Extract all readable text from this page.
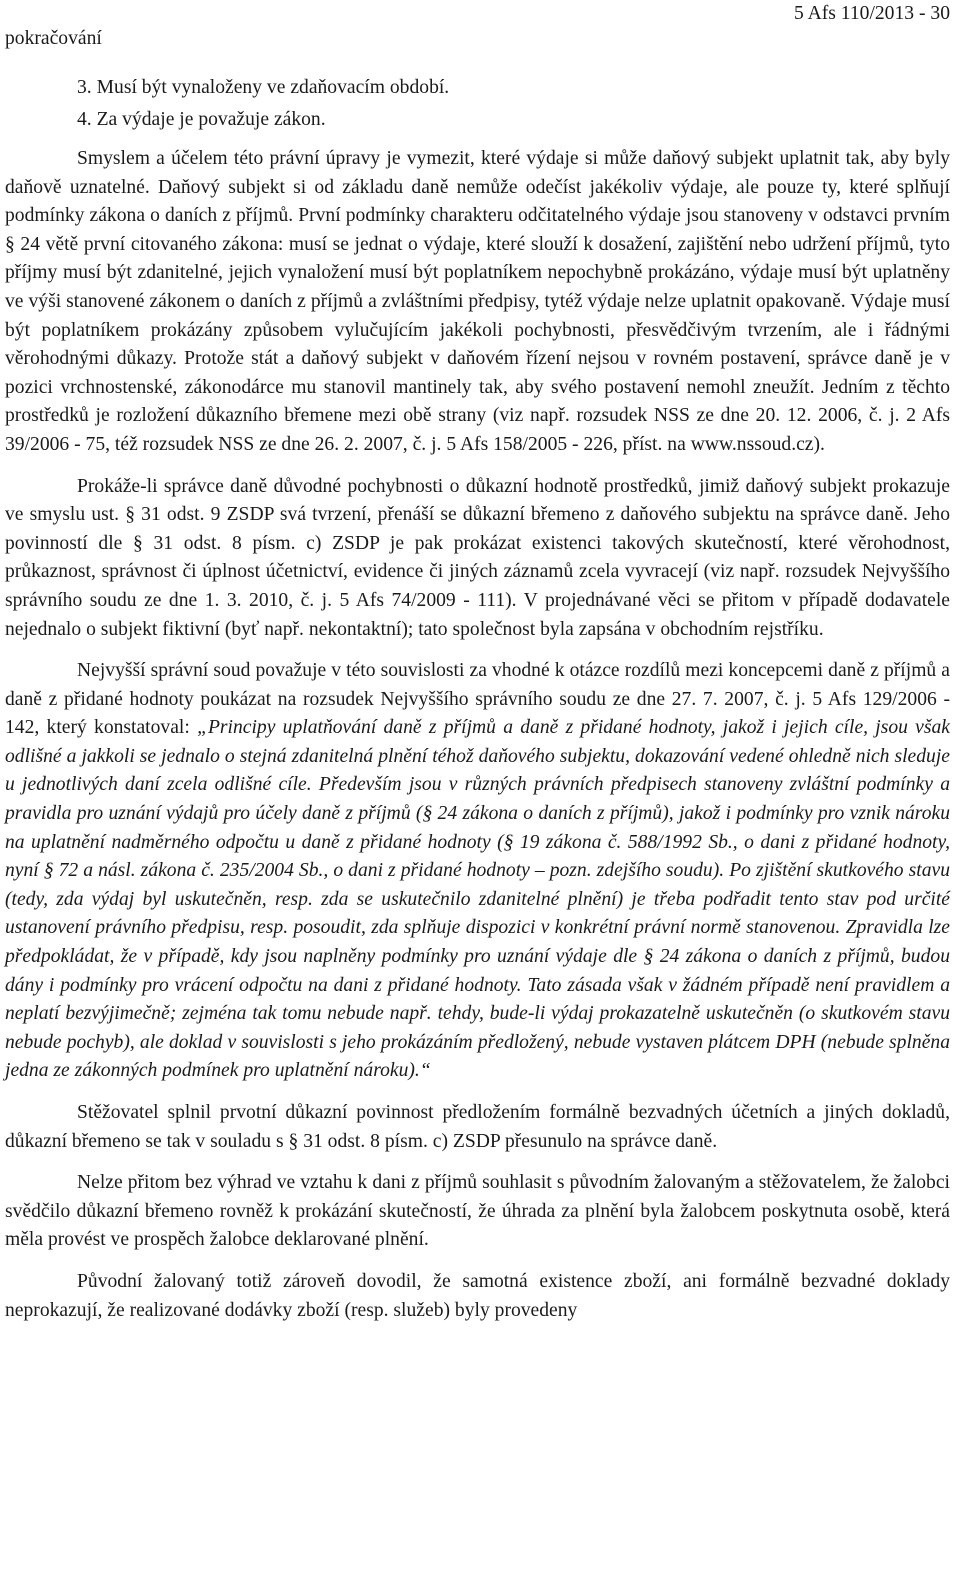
pokračování
5 Afs 110/2013 - 30
3. Musí být vynaloženy ve zdaňovacím období.
4. Za výdaje je považuje zákon.

Smyslem a účelem této právní úpravy je vymezit, které výdaje si může daňový subjekt uplatnit tak, aby byly daňově uznatelné. Daňový subjekt si od základu daně nemůže odečíst jakékoliv výdaje, ale pouze ty, které splňují podmínky zákona o daních z příjmů. První podmínky charakteru odčitatelného výdaje jsou stanoveny v odstavci prvním § 24 větě první citovaného zákona: musí se jednat o výdaje, které slouží k dosažení, zajištění nebo udržení příjmů, tyto příjmy musí být zdanitelné, jejich vynaložení musí být poplatníkem nepochybně prokázáno, výdaje musí být uplatněny ve výši stanovené zákonem o daních z příjmů a zvláštními předpisy, tytéž výdaje nelze uplatnit opakovaně. Výdaje musí být poplatníkem prokázány způsobem vylučujícím jakékoli pochybnosti, přesvědčivým tvrzením, ale i řádnými věrohodnými důkazy. Protože stát a daňový subjekt v daňovém řízení nejsou v rovném postavení, správce daně je v pozici vrchnostenské, zákonodárce mu stanovil mantinely tak, aby svého postavení nemohl zneužít. Jedním z těchto prostředků je rozložení důkazního břemene mezi obě strany (viz např. rozsudek NSS ze dne 20. 12. 2006, č. j. 2 Afs 39/2006 - 75, též rozsudek NSS ze dne 26. 2. 2007, č. j. 5 Afs 158/2005 - 226, příst. na www.nssoud.cz).

Prokáže-li správce daně důvodné pochybnosti o důkazní hodnotě prostředků, jimiž daňový subjekt prokazuje ve smyslu ust. § 31 odst. 9 ZSDP svá tvrzení, přenáší se důkazní břemeno z daňového subjektu na správce daně. Jeho povinností dle § 31 odst. 8 písm. c) ZSDP je pak prokázat existenci takových skutečností, které věrohodnost, průkaznost, správnost či úplnost účetnictví, evidence či jiných záznamů zcela vyvracejí (viz např. rozsudek Nejvyššího správního soudu ze dne 1. 3. 2010, č. j. 5 Afs 74/2009 - 111). V projednávané věci se přitom v případě dodavatele nejednalo o subjekt fiktivní (byť např. nekontaktní); tato společnost byla zapsána v obchodním rejstříku.

Nejvyšší správní soud považuje v této souvislosti za vhodné k otázce rozdílů mezi koncepcemi daně z příjmů a daně z přidané hodnoty poukázat na rozsudek Nejvyššího správního soudu ze dne 27. 7. 2007, č. j. 5 Afs 129/2006 - 142, který konstatoval: „Principy uplatňování daně z příjmů a daně z přidané hodnoty, jakož i jejich cíle, jsou však odlišné a jakkoli se jednalo o stejná zdanitelná plnění téhož daňového subjektu, dokazování vedené ohledně nich sleduje u jednotlivých daní zcela odlišné cíle. Především jsou v různých právních předpisech stanoveny zvláštní podmínky a pravidla pro uznání výdajů pro účely daně z příjmů (§ 24 zákona o daních z příjmů), jakož i podmínky pro vznik nároku na uplatnění nadměrného odpočtu u daně z přidané hodnoty (§ 19 zákona č. 588/1992 Sb., o dani z přidané hodnoty, nyní § 72 a násl. zákona č. 235/2004 Sb., o dani z přidané hodnoty – pozn. zdejšího soudu). Po zjištění skutkového stavu (tedy, zda výdaj byl uskutečněn, resp. zda se uskutečnilo zdanitelné plnění) je třeba podřadit tento stav pod určité ustanovení právního předpisu, resp. posoudit, zda splňuje dispozici v konkrétní právní normě stanovenou. Zpravidla lze předpokládat, že v případě, kdy jsou naplněny podmínky pro uznání výdaje dle § 24 zákona o daních z příjmů, budou dány i podmínky pro vrácení odpočtu na dani z přidané hodnoty. Tato zásada však v žádném případě není pravidlem a neplatí bezvýjimečně; zejména tak tomu nebude např. tehdy, bude-li výdaj prokazatelně uskutečněn (o skutkovém stavu nebude pochyb), ale doklad v souvislosti s jeho prokázáním předložený, nebude vystaven plátcem DPH (nebude splněna jedna ze zákonných podmínek pro uplatnění nároku).“

Stěžovatel splnil prvotní důkazní povinnost předložením formálně bezvadných účetních a jiných dokladů, důkazní břemeno se tak v souladu s § 31 odst. 8 písm. c) ZSDP přesunulo na správce daně.

Nelze přitom bez výhrad ve vztahu k dani z příjmů souhlasit s původním žalovaným a stěžovatelem, že žalobci svědčilo důkazní břemeno rovněž k prokázání skutečností, že úhrada za plnění byla žalobcem poskytnuta osobě, která měla provést ve prospěch žalobce deklarované plnění.

Původní žalovaný totiž zároveň dovodil, že samotná existence zboží, ani formálně bezvadné doklady neprokazují, že realizované dodávky zboží (resp. služeb) byly provedeny
